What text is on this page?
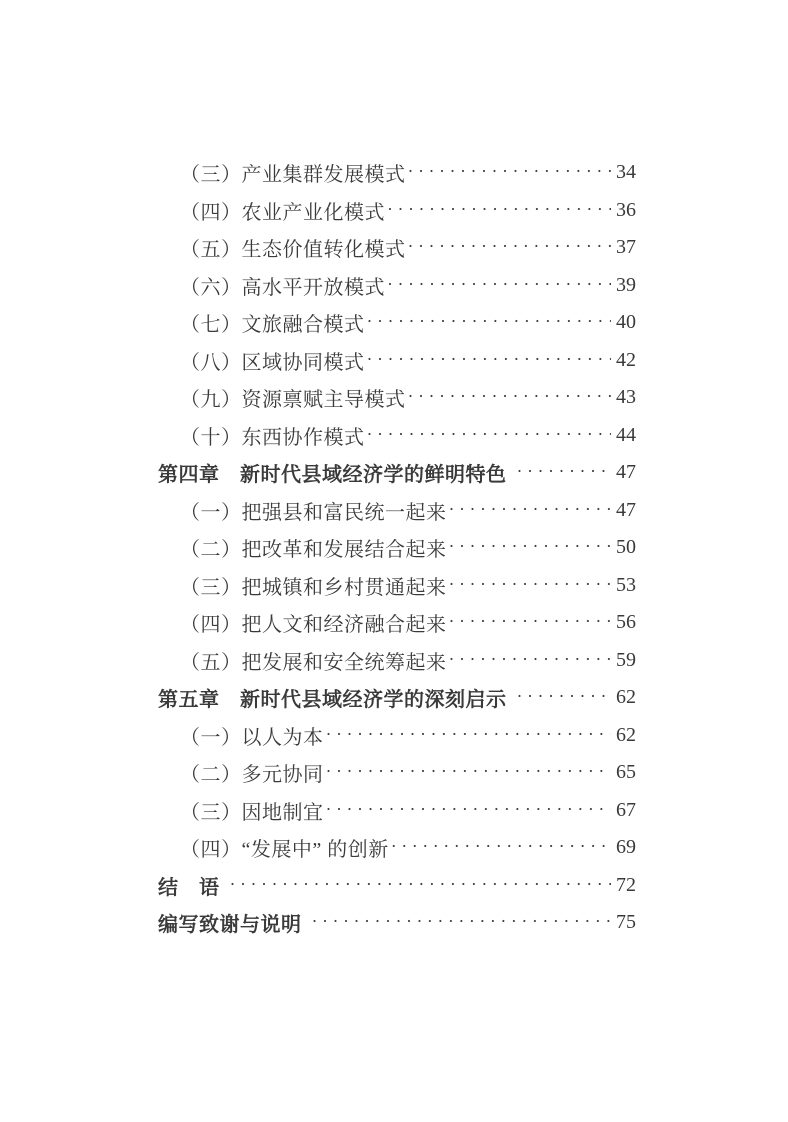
（三）产业集群发展模式 ·····	34
（四）农业产业化模式 ·····	36
（五）生态价值转化模式 ·····	37
（六）高水平开放模式 ·····	39
（七）文旅融合模式 ·····	40
（八）区域协同模式 ·····	42
（九）资源禀赋主导模式 ·····	43
（十）东西协作模式 ·····	44
第四章　新时代县域经济学的鲜明特色 ·····	47
（一）把强县和富民统一起来 ·····	47
（二）把改革和发展结合起来 ·····	50
（三）把城镇和乡村贯通起来 ·····	53
（四）把人文和经济融合起来 ·····	56
（五）把发展和安全统筹起来 ·····	59
第五章　新时代县域经济学的深刻启示 ·····	62
（一）以人为本 ·····	62
（二）多元协同 ·····	65
（三）因地制宜 ·····	67
（四）“发展中” 的创新 ·····	69
结　语 ·····	72
编写致谢与说明 ·····	75
